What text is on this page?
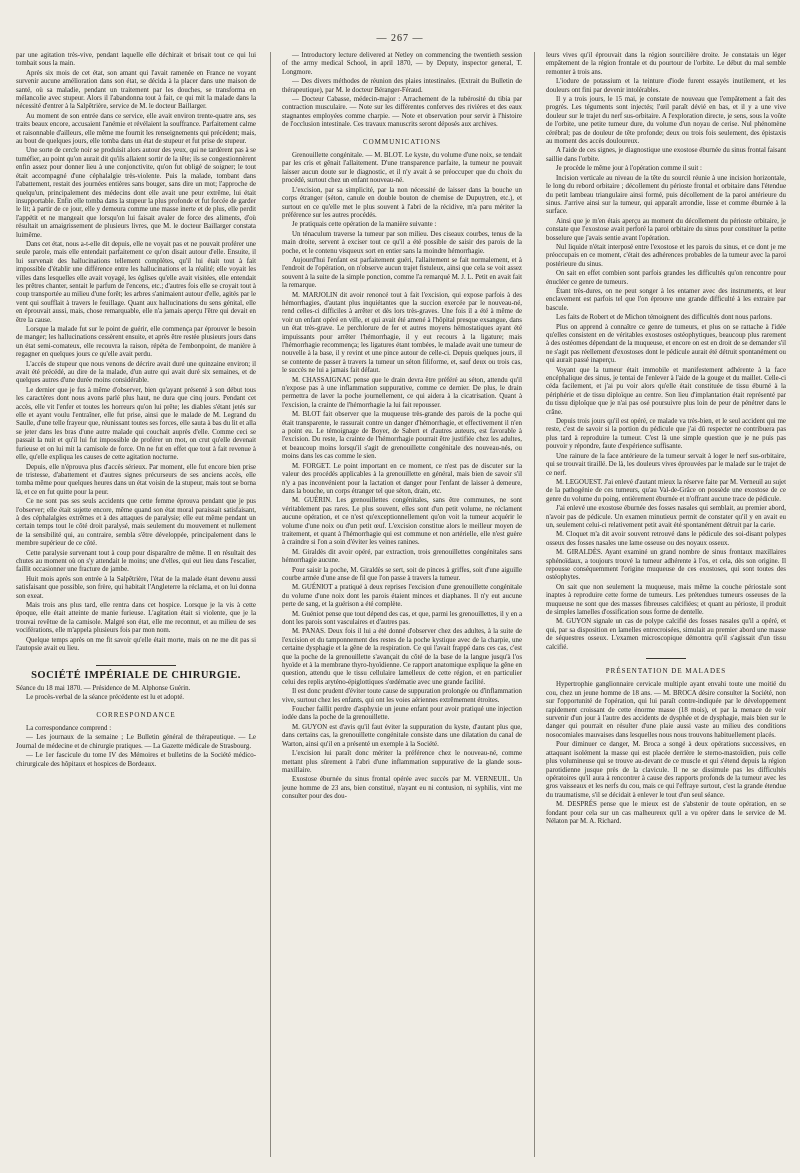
— 267 —

par une agitation très-vive, pendant laquelle elle déchirait et brisait tout ce qui lui tombait sous la main.

Après six mois de cet état, son amant qui l'avait ramenée en France ne voyant survenir aucune amélioration dans son état, se décida à la placer dans une maison de santé, où sa maladie, pendant un traitement par les douches, se transforma en mélancolie avec stupeur. Alors il l'abandonna tout à fait, ce qui mit la malade dans la nécessité d'entrer à la Salpêtrière, service de M. le docteur Baillarger.

Au moment de son entrée dans ce service, elle avait environ trente-quatre ans, ses traits beaux encore, accusaient l'anémie et révélaient la souffrance. Parfaitement calme et raisonnable d'ailleurs, elle même me fournit les renseignements qui précèdent; mais, au bout de quelques jours, elle tomba dans un état de stupeur et fut prise de stupeur.

Une sorte de cercle noir se produisit alors autour des yeux, qui ne tardèrent pas à se tuméfier, au point qu'on aurait dit qu'ils allaient sortir de la tête; ils se congestionnèrent enfin assez pour donner lieu à une conjonctivite, qu'on fut obligé de soigner; le tout était accompagné d'une céphalalgie très-violente. Puis la malade, tombant dans l'abattement, restait des journées entières sans bouger, sans dire un mot; l'approche de quelqu'un, principalement des médecins dont elle avait une peur extrême, lui était insupportable. Enfin elle tomba dans la stupeur la plus profonde et fut forcée de garder le lit; à partir de ce jour, elle y demeura comme une masse inerte et de plus, elle perdit l'appétit et ne mangeait que lorsqu'on lui faisait avaler de force des aliments, d'où résultait un amaigrissement de plusieurs livres, que M. le docteur Baillarger constata luimême.

Dans cet état, nous a-t-elle dit depuis, elle ne voyait pas et ne pouvait proférer une seule parole, mais elle entendait parfaitement ce qu'on disait autour d'elle. Ensuite, il lui survenait des hallucinations tellement complètes, qu'il lui était tout à fait impossible d'établir une différence entre les hallucinations et la réalité; elle voyait les villes dans lesquelles elle avait voyagé, les églises qu'elle avait visitées, elle entendait les prêtres chanter, sentait le parfum de l'encens, etc.; d'autres fois elle se croyait tout à coup transportée au milieu d'une forêt; les arbres s'animaient autour d'elle, agités par le vent qui soufflait à travers le feuillage. Quant aux hallucinations du sens génital, elle en éprouvait aussi, mais, chose remarquable, elle n'a jamais aperçu l'être qui devait en être la cause.

Lorsque la malade fut sur le point de guérir, elle commença par éprouver le besoin de manger; les hallucinations cessèrent ensuite, et après être restée plusieurs jours dans un état semi-comateux, elle recouvra la raison, répéta de l'embonpoint, de manière à regagner en quelques jours ce qu'elle avait perdu.

L'accès de stupeur que nous venons de décrire avait duré une quinzaine environ; il avait été précédé, au dire de la malade, d'un autre qui avait duré six semaines, et de quelques autres d'une durée moins considérable.

Le dernier que je fus à même d'observer, bien qu'ayant présenté à son début tous les caractères dont nous avons parlé plus haut, ne dura que cinq jours. Pendant cet accès, elle vit l'enfer et toutes les horreurs qu'on lui prête; les diables s'étant jetés sur elle et ayant voulu l'entraîner, elle fut prise, ainsi que le malade de M. Legrand du Saulle, d'une telle frayeur que, réunissant toutes ses forces, elle sauta à bas du lit et alla se jeter dans les bras d'une autre malade qui couchait auprès d'elle. Comme ceci se passait la nuit et qu'il lui fut impossible de proférer un mot, on crut qu'elle devenait furieuse et on lui mit la camisole de force. On ne fut en effet que tout à fait revenue à elle, qu'elle expliqua les causes de cette agitation nocturne.

Depuis, elle n'éprouva plus d'accès sérieux. Par moment, elle fut encore bien prise de tristesse, d'abattement et d'autres signes précurseurs de ses anciens accès, elle tomba même pour quelques heures dans un état voisin de la stupeur, mais tout se borna là, et ce en fut quitte pour la peur.

Ce ne sont pas ses seuls accidents que cette femme éprouva pendant que je pus l'observer; elle était sujette encore, même quand son état moral paraissait satisfaisant, à des céphalalgies extrêmes et à des attaques de paralysie; elle eut même pendant un certain temps tout le côté droit paralysé, mais seulement du mouvement et nullement de la sensibilité qui, au contraire, sembla s'être développée, principalement dans le membre supérieur de ce côté.

Cette paralysie survenant tout à coup pour disparaître de même. Il en résultait des chutes au moment où on s'y attendait le moins; une d'elles, qui eut lieu dans l'escalier, faillit occasionner une fracture de jambe.

Huit mois après son entrée à la Salpêtrière, l'état de la malade étant devenu aussi satisfaisant que possible, son frère, qui habitait l'Angleterre la réclama, et on lui donna son exeat.

Mais trois ans plus tard, elle rentra dans cet hospice. Lorsque je la vis à cette époque, elle était atteinte de manie furieuse. L'agitation était si violente, que je la trouvai revêtue de la camisole. Malgré son état, elle me reconnut, et au milieu de ses vociférations, elle m'appela plusieurs fois par mon nom.

Quelque temps après on me fit savoir qu'elle était morte, mais on ne me dit pas si l'autopsie avait eu lieu.

SOCIÉTÉ IMPÉRIALE DE CHIRURGIE.

Séance du 18 mai 1870. — Présidence de M. Alphonse Guérin.

Le procès-verbal de la séance précédente est lu et adopté.

CORRESPONDANCE

La correspondance comprend :

— Les journaux de la semaine ; Le Bulletin général de thérapeutique. — Le Journal de médecine et de chirurgie pratiques. — La Gazette médicale de Strasbourg.

— Le 1er fascicule du tome IV des Mémoires et bulletins de la Société médico-chirurgicale des hôpitaux et hospices de Bordeaux.

— Introductory lecture delivered at Netley on commencing the twentieth session of the army medical School, in april 1870, — by Deputy, inspector general, T. Longmore.

— Des divers méthodes de réunion des plaies intestinales. (Extrait du Bulletin de thérapeutique), par M. le docteur Béranger-Féraud.

— Docteur Cabasse, médecin-major : Arrachement de la tubérosité du tibia par contraction musculaire. — Note sur les différentes conferves des rivières et des eaux stagnantes employées comme charpie. — Note et observation pour servir à l'histoire de l'occlusion intestinale. Ces travaux manuscrits seront déposés aux archives.

COMMUNICATIONS

Grenouillette congénitale. — M. BLOT. Le kyste, du volume d'une noix, se tendait par les cris et gênait l'allaitement. D'une transparence parfaite, la tumeur ne pouvait laisser aucun doute sur le diagnostic, et il n'y avait à se préoccuper que du choix du procédé, surtout chez un enfant nouveau-né.

L'excision, par sa simplicité, par la non nécessité de laisser dans la bouche un corps étranger (séton, canule en double bouton de chemise de Dupuytren, etc.), et surtout en ce qu'elle met le plus souvent à l'abri de la récidive, m'a paru mériter la préférence sur les autres procédés.

Je pratiquais cette opération de la manière suivante :

Un ténaculum traverse la tumeur par son milieu. Des ciseaux courbes, tenus de la main droite, servent à exciser tout ce qu'il a été possible de saisir des parois de la poche, et le contenu visqueux sort en entier sans la moindre hémorrhagie.

Aujourd'hui l'enfant est parfaitement guéri, l'allaitement se fait normalement, et à l'endroit de l'opération, on n'observe aucun trajet fistuleux, ainsi que cela se voit assez souvent à la suite de la simple ponction, comme l'a remarqué M. J. L. Petit en avait fait la remarque.

M. MARJOLIN dit avoir renoncé tout à fait l'excision, qui expose parfois à des hémorrhagies, d'autant plus inquiétantes que la succion exercée par le nouveau-né, rend celles-ci difficiles à arrêter et dès lors très-graves. Une fois il a été à même de voir un enfant opéré en ville, et qui avait été amené à l'hôpital presque exsangue, dans un état très-grave. Le perchlorure de fer et autres moyens hémostatiques ayant été impuissants pour arrêter l'hémorrhagie, il y eut recours à la ligature; mais l'hémorrhagie recommença; les ligatures étant tombées, le malade avait une tumeur de nouvelle à la base, il y revint et une pince autour de celle-ci. Depuis quelques jours, il se contente de passer à travers la tumeur un séton filiforme, et, sauf deux ou trois cas, le succès ne lui a jamais fait défaut.

M. CHASSAIGNAC pense que le drain devra être préféré au séton, attendu qu'il n'expose pas à une inflammation suppurative, comme ce dernier. De plus, le drain permettra de laver la poche journellement, ce qui aidera à la cicatrisation. Quant à l'excision, la crainte de l'hémorrhagie la lui fait repousser.

M. BLOT fait observer que la muqueuse très-grande des parois de la poche qui était transparente, le rassurait contre un danger d'hémorrhagie, et effectivement il n'en a point eu. Le témoignage de Boyer, de Sabert et d'autres auteurs, est favorable à l'excision. Du reste, la crainte de l'hémorrhagie pourrait être justifiée chez les adultes, et beaucoup moins lorsqu'il s'agit de grenouillette congénitale des nouveau-nés, ou moins dans les cas comme le sien.

M. FORGET. Le point important en ce moment, ce n'est pas de discuter sur la valeur des procédés applicables à la grenouillette en général, mais bien de savoir s'il n'y a pas inconvénient pour la lactation et danger pour l'enfant de laisser à demeure, dans la bouche, un corps étranger tel que séton, drain, etc.

M. GUÉRIN. Les grenouillettes congénitales, sans être communes, ne sont véritablement pas rares. Le plus souvent, elles sont d'un petit volume, ne réclament aucune opération, et ce n'est qu'exceptionnellement qu'on voit la tumeur acquérir le volume d'une noix ou d'un petit œuf. L'excision constitue alors le meilleur moyen de traitement, et quant à l'hémorrhagie qui est commune et non artérielle, elle n'est guère à craindre si l'on a soin d'éviter les veines ranines.

M. Giraldès dit avoir opéré, par extraction, trois grenouillettes congénitales sans hémorrhagie aucune.

Pour saisir la poche, M. Giraldès se sert, soit de pinces à griffes, soit d'une aiguille courbe armée d'une anse de fil que l'on passe à travers la tumeur.

M. GUÉNIOT a pratiqué à deux reprises l'excision d'une grenouillette congénitale du volume d'une noix dont les parois étaient minces et diaphanes. Il n'y eut aucune perte de sang, et la guérison a été complète.

M. Guéniot pense que tout dépend des cas, et que, parmi les grenouillettes, il y en a dont les parois sont vasculaires et d'autres pas.

M. PANAS. Deux fois il lui a été donné d'observer chez des adultes, à la suite de l'excision et du tamponnement des restes de la poche kystique avec de la charpie, une certaine dysphagie et la gêne de la respiration. Ce qui l'avait frappé dans ces cas, c'est que la poche de la grenouillette s'avançait du côté de la base de la langue jusqu'à l'os hyoïde et à la membrane thyro-hyoïdienne. Ce rapport anatomique explique la gêne en question, attendu que le tissu cellulaire lamelleux de cette région, et en particulier celui des replis aryténo-épiglottiques s'œdématie avec une grande facilité.

Il est donc prudent d'éviter toute cause de suppuration prolongée ou d'inflammation vive, surtout chez les enfants, qui ont les voies aériennes extrêmement étroites.

Foucher faillit perdre d'asphyxie un jeune enfant pour avoir pratiqué une injection iodée dans la poche de la grenouillette.

M. GUYON est d'avis qu'il faut éviter la suppuration du kyste, d'autant plus que, dans certains cas, la grenouillette congénitale consiste dans une dilatation du canal de Warton, ainsi qu'il en a présenté un exemple à la Société.

L'excision lui paraît donc mériter la préférence chez le nouveau-né, comme mettant plus sûrement à l'abri d'une inflammation suppurative de la glande sous-maxillaire.

Exostose éburnée du sinus frontal opérée avec succès par M. VERNEUIL. Un jeune homme de 23 ans, bien constitué, n'ayant eu ni contusion, ni syphilis, vint me consulter pour des dou-

leurs vives qu'il éprouvait dans la région sourcilière droite. Je constatais un léger empâtement de la région frontale et du pourtour de l'orbite. Le début du mal semble remonter à trois ans.

L'iodure de potassium et la teinture d'iode furent essayés inutilement, et les douleurs ont fini par devenir intolérables.

Il y a trois jours, le 15 mai, je constate de nouveau que l'empâtement a fait des progrès. Les téguments sont injectés; l'œil paraît dévié en bas, et il y a une vive douleur sur le trajet du nerf sus-orbitaire. A l'exploration directe, je sens, sous la voûte de l'orbite, une petite tumeur dure, du volume d'un noyau de cerise. Nul phénomène cérébral; pas de douleur de tête profonde; deux ou trois fois seulement, des épistaxis au moment des accès douloureux.

A l'aide de ces signes, je diagnostique une exostose éburnée du sinus frontal faisant saillie dans l'orbite.

Je procède le même jour à l'opération comme il suit :

Incision verticale au niveau de la tête du sourcil réunie à une incision horizontale, le long du rebord orbitaire ; décollement du périoste frontal et orbitaire dans l'étendue du petit lambeau triangulaire ainsi formé, puis décollement de la paroi antérieure du sinus. J'arrive ainsi sur la tumeur, qui apparaît arrondie, lisse et comme éburnée à la surface.

Ainsi que je m'en étais aperçu au moment du décollement du périoste orbitaire, je constate que l'exostose avait perforé la paroi orbitaire du sinus pour constituer la petite bosselure que j'avais sentie avant l'opération.

Nul liquide n'était interposé entre l'exostose et les parois du sinus, et ce dont je me préoccupais en ce moment, c'était des adhérences probables de la tumeur avec la paroi postérieure du sinus.

On sait en effet combien sont parfois grandes les difficultés qu'on rencontre pour énucléer ce genre de tumeurs.

Étant très-dures, on ne peut songer à les entamer avec des instruments, et leur enclavement est parfois tel que l'on éprouve une grande difficulté à les extraire par bascule.

Les faits de Robert et de Michon témoignent des difficultés dont nous parlons.

Plus on apprend à connaître ce genre de tumeurs, et plus on se rattache à l'idée qu'elles consistent en de véritables exostoses ostéophytiques, beaucoup plus rarement à des ostéomes dépendant de la muqueuse, et encore on est en droit de se demander s'il ne s'agit pas réellement d'exostoses dont le pédicule aurait été détruit spontanément ou qui aurait passé inaperçu.

Voyant que la tumeur était immobile et manifestement adhérente à la face encéphalique des sinus, je tentai de l'enlever à l'aide de la gouge et du maillet. Celle-ci céda facilement, et j'ai pu voir alors qu'elle était constituée de tissu éburné à la périphérie et de tissu diploïque au centre. Son lieu d'implantation était représenté par du tissu diploïque que je n'ai pas osé poursuivre plus loin de peur de pénétrer dans le crâne.

Depuis trois jours qu'il est opéré, ce malade va très-bien, et le seul accident qui me reste, c'est de savoir si la portion du pédicule que j'ai dû respecter ne contribuera pas plus tard à reproduire la tumeur. C'est là une simple question que je ne puis pas pouvoir y répondre, faute d'expérience suffisante.

Une rainure de la face antérieure de la tumeur servait à loger le nerf sus-orbitaire, qui se trouvait tiraillé. De là, les douleurs vives éprouvées par le malade sur le trajet de ce nerf.

M. LEGOUEST. J'ai enlevé d'autant mieux la réserve faite par M. Verneuil au sujet de la pathogénie de ces tumeurs, qu'au Val-de-Grâce on possède une exostose de ce genre du volume du poing, entièrement éburnée et n'offrant aucune trace de pédicule.

J'ai enlevé une exostose éburnée des fosses nasales qui semblait, au premier abord, n'avoir pas de pédicule. Un examen minutieux permit de constater qu'il y en avait eu un, seulement celui-ci relativement petit avait été spontanément détruit par la carie.

M. Cloquet m'a dit avoir souvent retrouvé dans le pédicule des soi-disant polypes osseux des fosses nasales une lame osseuse ou des noyaux osseux.

M. GIRALDÈS. Ayant examiné un grand nombre de sinus frontaux maxillaires sphénoïdaux, a toujours trouvé la tumeur adhérente à l'os, et cela, dès son origine. Il repousse conséquemment l'origine muqueuse de ces exostoses, qui sont toutes des ostéophytes.

On sait que non seulement la muqueuse, mais même la couche périostale sont inaptes à reproduire cette forme de tumeurs. Les prétendues tumeurs osseuses de la muqueuse ne sont que des masses fibreuses calcifiées; et quant au périoste, il produit de simples lamelles d'ossification sous forme de dentelle.

M. GUYON signale un cas de polype calcifié des fosses nasales qu'il a opéré, et qui, par sa disposition en lamelles entrecroisées, simulait au premier abord une masse de séquestres osseux. L'examen microscopique démontra qu'il s'agissait d'un tissu calcifié.

PRÉSENTATION DE MALADES

Hypertrophie ganglionnaire cervicale multiple ayant envahi toute une moitié du cou, chez un jeune homme de 18 ans. — M. BROCA désire consulter la Société, non sur l'opportunité de l'opération, qui lui paraît contre-indiquée par le développement rapidement croissant de cette énorme masse (18 mois), et par la menace de voir survenir d'un jour à l'autre des accidents de dysphée et de dysphagie, mais bien sur le danger qui pourrait en résulter d'une plaie aussi vaste au milieu des conditions nosocomiales mauvaises dans lesquelles nous nous trouvons habituellement placés.

Pour diminuer ce danger, M. Broca a songé à deux opérations successives, en attaquant isolément la masse qui est placée derrière le sterno-mastoïdien, puis celle plus volumineuse qui se trouve au-devant de ce muscle et qui s'étend depuis la région parotidienne jusque près de la clavicule. Il ne se dissimule pas les difficultés opératoires qu'il aura à rencontrer à cause des rapports profonds de la tumeur avec les gros vaisseaux et les nerfs du cou, mais ce qui l'effraye surtout, c'est la grande étendue du traumatisme, s'il se décidait à enlever le tout d'un seul séance.

M. DESPRÉS pense que le mieux est de s'abstenir de toute opération, en se fondant pour cela sur un cas malheureux qu'il a vu opérer dans le service de M. Nélaton par M. A. Richard.
